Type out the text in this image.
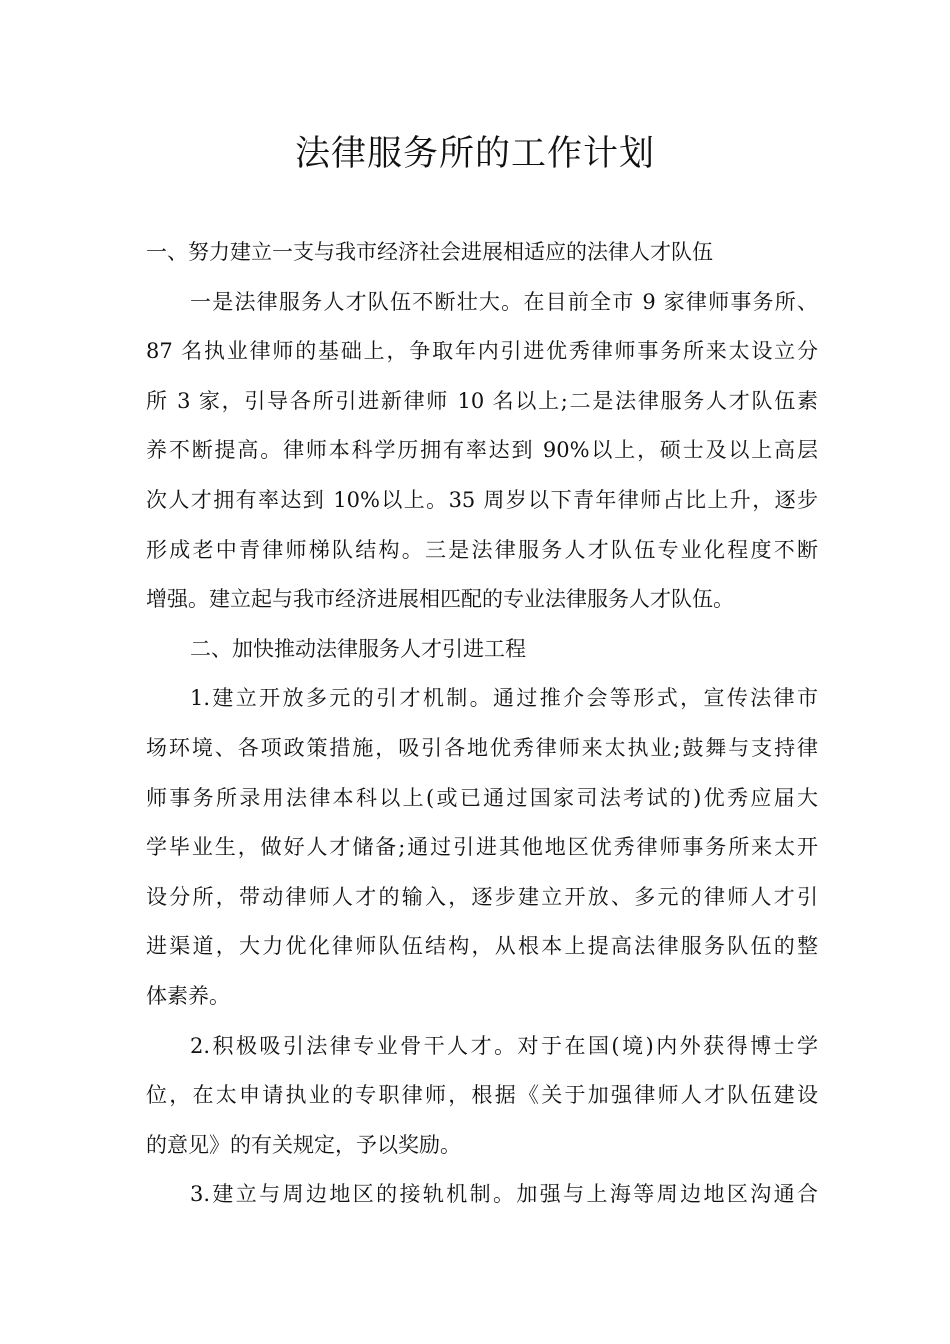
法律服务所的工作计划
一、努力建立一支与我市经济社会进展相适应的法律人才队伍
一是法律服务人才队伍不断壮大。在目前全市 9 家律师事务所、
87 名执业律师的基础上，争取年内引进优秀律师事务所来太设立分
所 3 家，引导各所引进新律师 10 名以上;二是法律服务人才队伍素
养不断提高。律师本科学历拥有率达到 90%以上，硕士及以上高层
次人才拥有率达到 10%以上。35 周岁以下青年律师占比上升，逐步
形成老中青律师梯队结构。三是法律服务人才队伍专业化程度不断
增强。建立起与我市经济进展相匹配的专业法律服务人才队伍。
二、加快推动法律服务人才引进工程
1.建立开放多元的引才机制。通过推介会等形式，宣传法律市
场环境、各项政策措施，吸引各地优秀律师来太执业;鼓舞与支持律
师事务所录用法律本科以上(或已通过国家司法考试的)优秀应届大
学毕业生，做好人才储备;通过引进其他地区优秀律师事务所来太开
设分所，带动律师人才的输入，逐步建立开放、多元的律师人才引
进渠道，大力优化律师队伍结构，从根本上提高法律服务队伍的整
体素养。
2.积极吸引法律专业骨干人才。对于在国(境)内外获得博士学
位，在太申请执业的专职律师，根据《关于加强律师人才队伍建设
的意见》的有关规定，予以奖励。
3.建立与周边地区的接轨机制。加强与上海等周边地区沟通合
